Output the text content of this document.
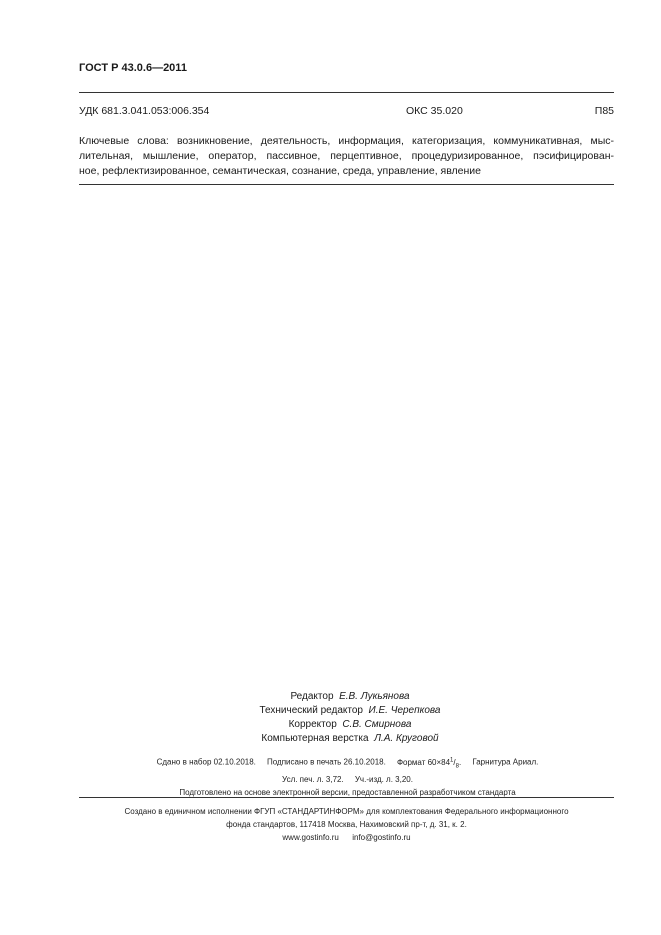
ГОСТ Р 43.0.6—2011
УДК 681.3.041.053:006.354	ОКС 35.020	П85
Ключевые слова: возникновение, деятельность, информация, категоризация, коммуникативная, мыс-
лительная, мышление, оператор, пассивное, перцептивное, процедуризированное, пэсифицирован-
ное, рефлектизированное, семантическая, сознание, среда, управление, явление
Редактор Е.В. Лукьянова
Технический редактор И.Е. Черепкова
Корректор С.В. Смирнова
Компьютерная верстка Л.А. Круговой
Сдано в набор 02.10.2018. Подписано в печать 26.10.2018. Формат $60\times 84^1/_8$. Гарнитура Ариал.
Усл. печ. л. 3,72. Уч.-изд. л. 3,20.
Подготовлено на основе электронной версии, предоставленной разработчиком стандарта
Создано в единичном исполнении ФГУП «СТАНДАРТИНФОРМ» для комплектования Федерального информационного
фонда стандартов, 117418 Москва, Нахимовский пр-т, д. 31, к. 2.
www.gostinfo.ru info@gostinfo.ru
